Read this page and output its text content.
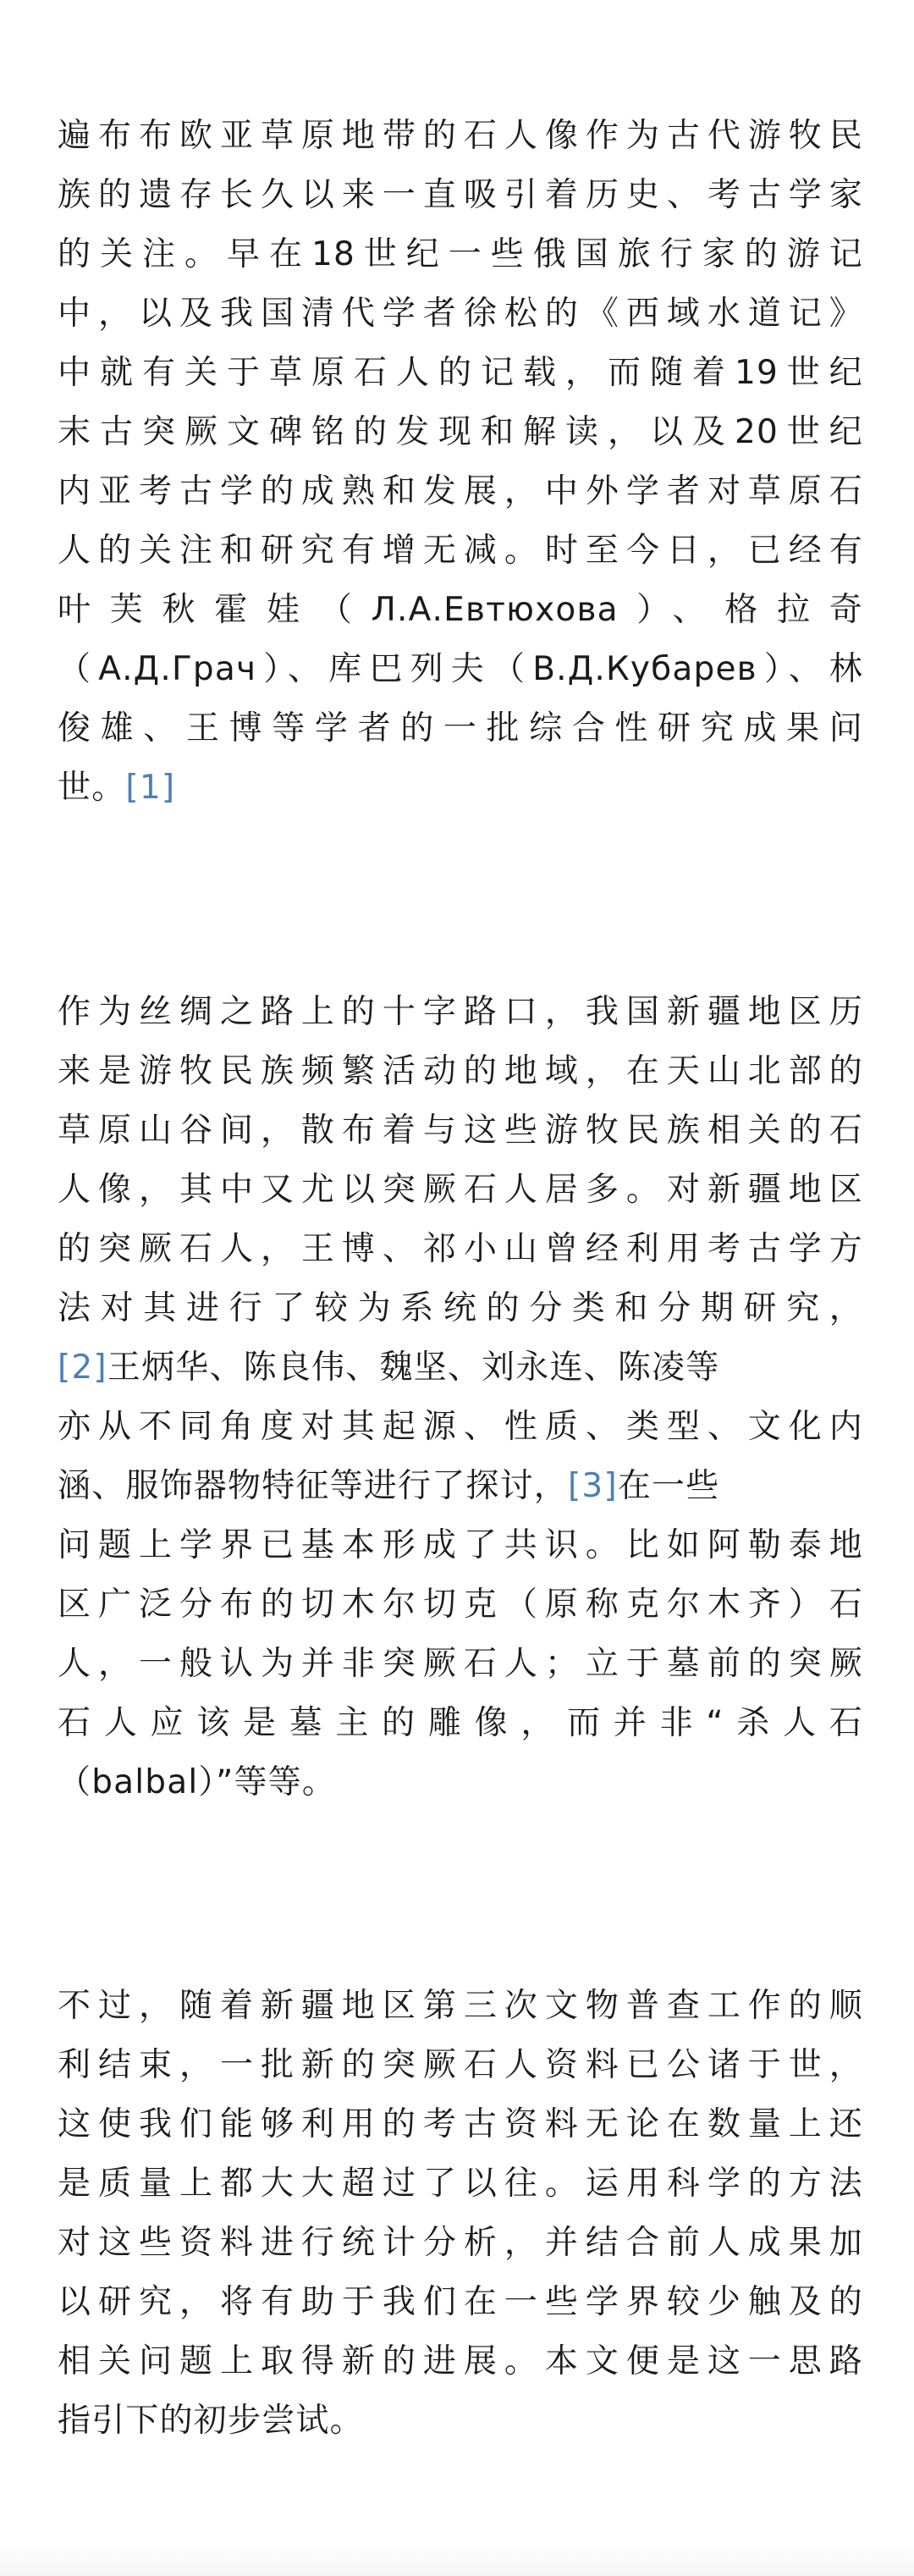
遍布布欧亚草原地带的石人像作为古代游牧民
族的遗存长久以来一直吸引着历史、考古学家
的关注。早在18世纪一些俄国旅行家的游记
中，以及我国清代学者徐松的《西域水道记》
中就有关于草原石人的记载，而随着19世纪
末古突厥文碑铭的发现和解读，以及20世纪
内亚考古学的成熟和发展，中外学者对草原石
人的关注和研究有增无减。时至今日，已经有
叶芙秋霍娃（Л.А.Евтюхова）、格拉奇
（А.Д.Грач）、库巴列夫（В.Д.Кубарев）、林
俊雄、王博等学者的一批综合性研究成果问
世。[1]
作为丝绸之路上的十字路口，我国新疆地区历
来是游牧民族频繁活动的地域，在天山北部的
草原山谷间，散布着与这些游牧民族相关的石
人像，其中又尤以突厥石人居多。对新疆地区
的突厥石人，王博、祁小山曾经利用考古学方
法对其进行了较为系统的分类和分期研究，
[2]王炳华、陈良伟、魏坚、刘永连、陈凌等
亦从不同角度对其起源、性质、类型、文化内
涵、服饰器物特征等进行了探讨，[3]在一些
问题上学界已基本形成了共识。比如阿勒泰地
区广泛分布的切木尔切克（原称克尔木齐）石
人，一般认为并非突厥石人；立于墓前的突厥
石人应该是墓主的雕像，而并非“杀人石
（balbal）”等等。
不过，随着新疆地区第三次文物普查工作的顺
利结束，一批新的突厥石人资料已公诸于世，
这使我们能够利用的考古资料无论在数量上还
是质量上都大大超过了以往。运用科学的方法
对这些资料进行统计分析，并结合前人成果加
以研究，将有助于我们在一些学界较少触及的
相关问题上取得新的进展。本文便是这一思路
指引下的初步尝试。
